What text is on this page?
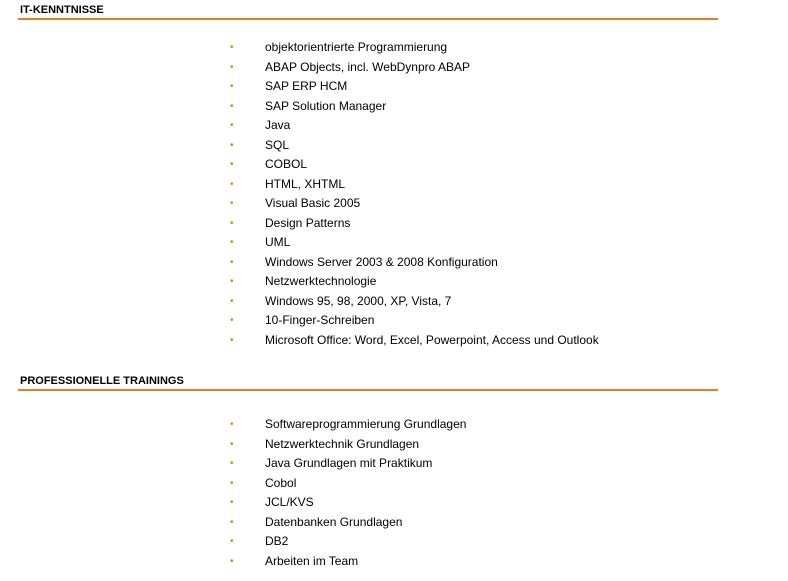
IT-KENNTNISSE
•	objektorientrierte Programmierung
•	ABAP Objects, incl. WebDynpro ABAP
•	SAP ERP HCM
•	SAP Solution Manager
•	Java
•	SQL
•	COBOL
•	HTML, XHTML
•	Visual Basic 2005
•	Design Patterns
•	UML
•	Windows Server 2003 & 2008 Konfiguration
•	Netzwerktechnologie
•	Windows 95, 98, 2000, XP, Vista, 7
•	10-Finger-Schreiben
•	Microsoft Office: Word, Excel, Powerpoint, Access und Outlook
PROFESSIONELLE TRAININGS
•	Softwareprogrammierung Grundlagen
•	Netzwerktechnik Grundlagen
•	Java Grundlagen mit Praktikum
•	Cobol
•	JCL/KVS
•	Datenbanken Grundlagen
•	DB2
•	Arbeiten im Team
